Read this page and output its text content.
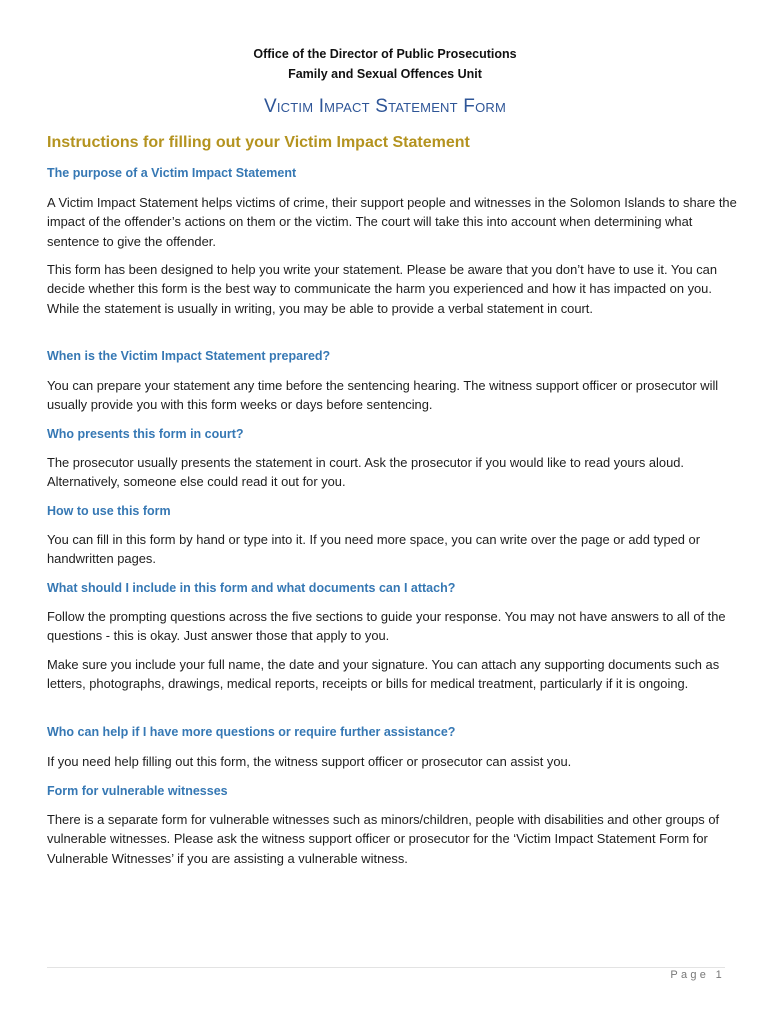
Office of the Director of Public Prosecutions
Family and Sexual Offences Unit
Victim Impact Statement Form
Instructions for filling out your Victim Impact Statement
The purpose of a Victim Impact Statement
A Victim Impact Statement helps victims of crime, their support people and witnesses in the Solomon Islands to share the impact of the offender’s actions on them or the victim. The court will take this into account when determining what sentence to give the offender.
This form has been designed to help you write your statement. Please be aware that you don’t have to use it. You can decide whether this form is the best way to communicate the harm you experienced and how it has impacted on you. While the statement is usually in writing, you may be able to provide a verbal statement in court.
When is the Victim Impact Statement prepared?
You can prepare your statement any time before the sentencing hearing. The witness support officer or prosecutor will usually provide you with this form weeks or days before sentencing.
Who presents this form in court?
The prosecutor usually presents the statement in court. Ask the prosecutor if you would like to read yours aloud. Alternatively, someone else could read it out for you.
How to use this form
You can fill in this form by hand or type into it. If you need more space, you can write over the page or add typed or handwritten pages.
What should I include in this form and what documents can I attach?
Follow the prompting questions across the five sections to guide your response. You may not have answers to all of the questions - this is okay. Just answer those that apply to you.
Make sure you include your full name, the date and your signature. You can attach any supporting documents such as letters, photographs, drawings, medical reports, receipts or bills for medical treatment, particularly if it is ongoing.
Who can help if I have more questions or require further assistance?
If you need help filling out this form, the witness support officer or prosecutor can assist you.
Form for vulnerable witnesses
There is a separate form for vulnerable witnesses such as minors/children, people with disabilities and other groups of vulnerable witnesses. Please ask the witness support officer or prosecutor for the ‘Victim Impact Statement Form for Vulnerable Witnesses’ if you are assisting a vulnerable witness.
Page 1
